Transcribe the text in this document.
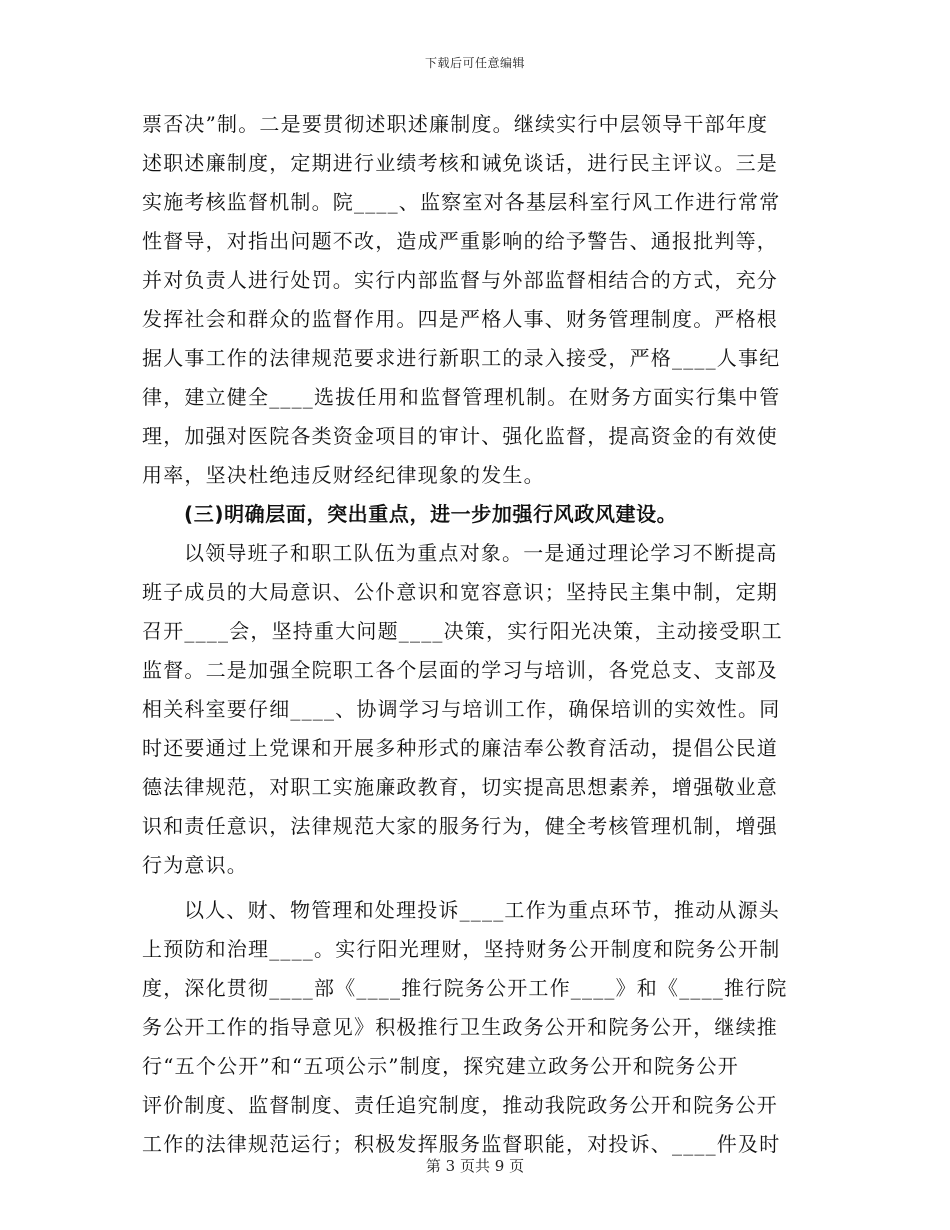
下载后可任意编辑
票否决”制。二是要贯彻述职述廉制度。继续实行中层领导干部年度
述职述廉制度，定期进行业绩考核和诫免谈话，进行民主评议。三是
实施考核监督机制。院____、监察室对各基层科室行风工作进行常常
性督导，对指出问题不改，造成严重影响的给予警告、通报批判等，
并对负责人进行处罚。实行内部监督与外部监督相结合的方式，充分
发挥社会和群众的监督作用。四是严格人事、财务管理制度。严格根
据人事工作的法律规范要求进行新职工的录入接受，严格____人事纪
律，建立健全____选拔任用和监督管理机制。在财务方面实行集中管
理，加强对医院各类资金项目的审计、强化监督，提高资金的有效使
用率，坚决杜绝违反财经纪律现象的发生。
(三)明确层面，突出重点，进一步加强行风政风建设。
以领导班子和职工队伍为重点对象。一是通过理论学习不断提高
班子成员的大局意识、公仆意识和宽容意识；坚持民主集中制，定期
召开____会，坚持重大问题____决策，实行阳光决策，主动接受职工
监督。二是加强全院职工各个层面的学习与培训，各党总支、支部及
相关科室要仔细____、协调学习与培训工作，确保培训的实效性。同
时还要通过上党课和开展多种形式的廉洁奉公教育活动，提倡公民道
德法律规范，对职工实施廉政教育，切实提高思想素养，增强敬业意
识和责任意识，法律规范大家的服务行为，健全考核管理机制，增强
行为意识。
以人、财、物管理和处理投诉____工作为重点环节，推动从源头
上预防和治理____。实行阳光理财，坚持财务公开制度和院务公开制
度，深化贯彻____部《____推行院务公开工作____》和《____推行院
务公开工作的指导意见》积极推行卫生政务公开和院务公开，继续推
行“五个公开”和“五项公示”制度，探究建立政务公开和院务公开
评价制度、监督制度、责任追究制度，推动我院政务公开和院务公开
工作的法律规范运行；积极发挥服务监督职能，对投诉、____件及时
第 3 页共 9 页
